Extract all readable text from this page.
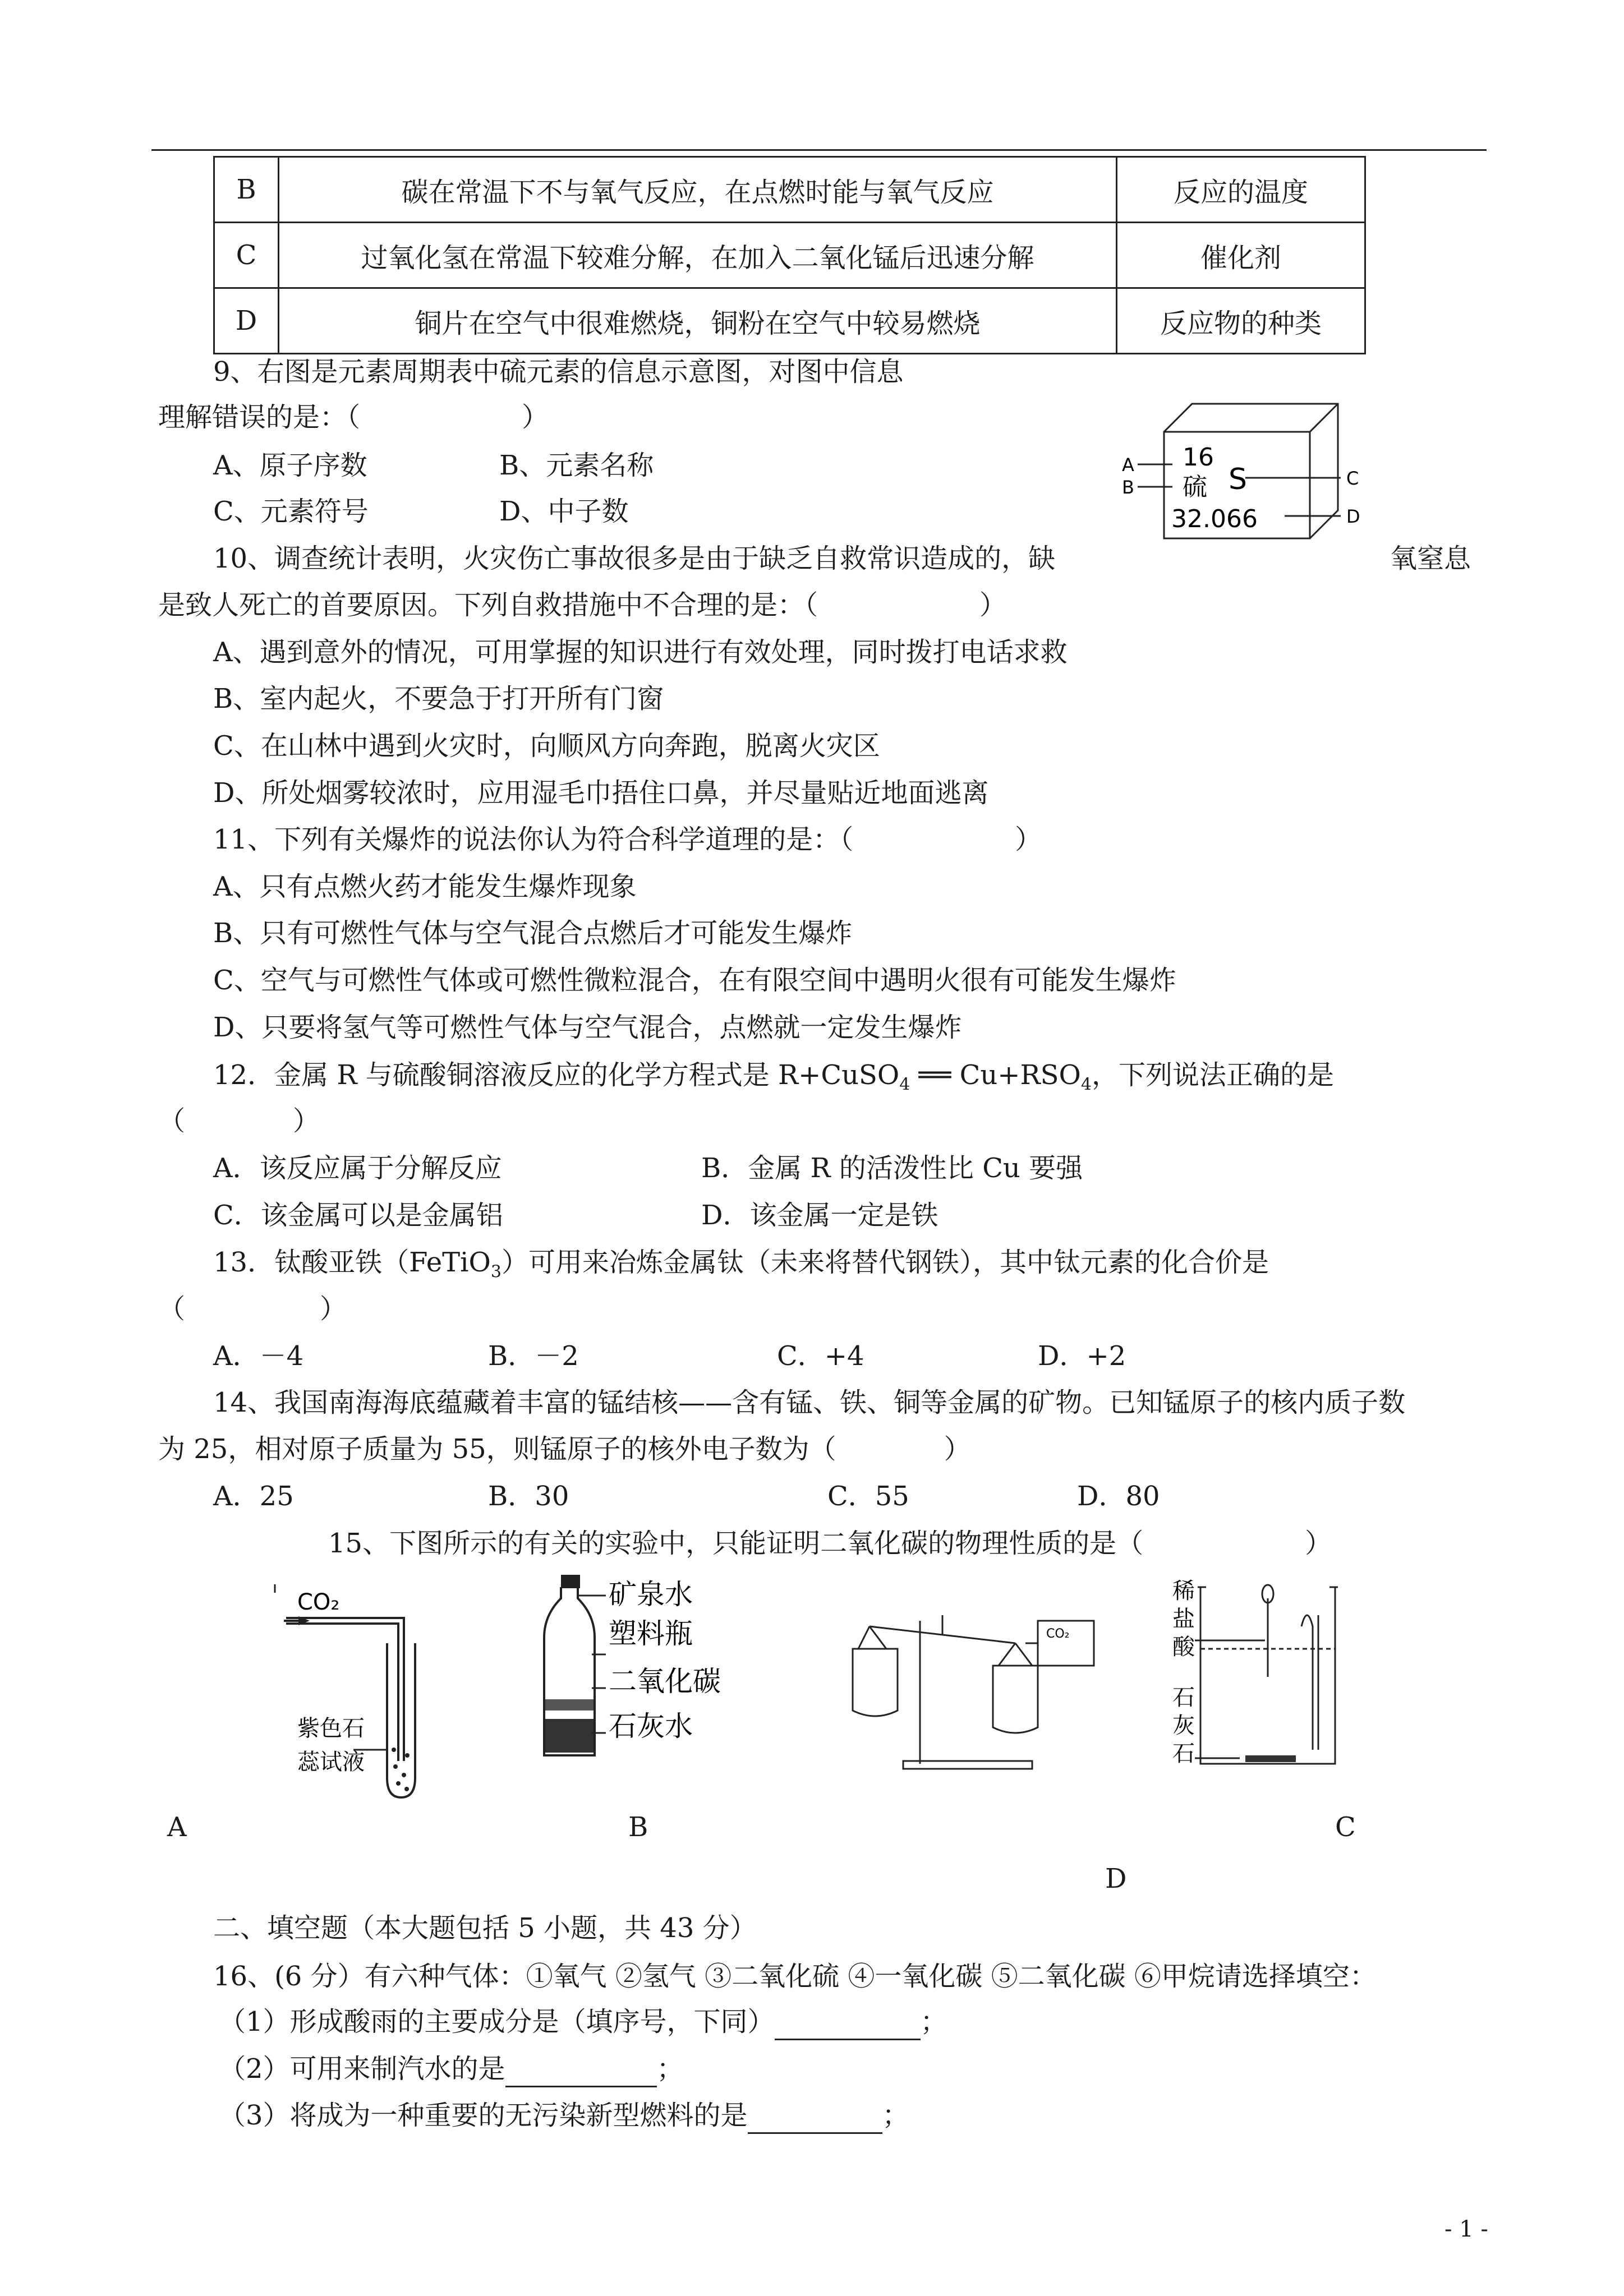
B	碳在常温下不与氧气反应，在点燃时能与氧气反应	反应的温度
C	过氧化氢在常温下较难分解，在加入二氧化锰后迅速分解	催化剂
D	铜片在空气中很难燃烧，铜粉在空气中较易燃烧	反应物的种类
9、右图是元素周期表中硫元素的信息示意图，对图中信息
理解错误的是：（　　　　　　）
A、原子序数	B、元素名称
C、元素符号	D、中子数
A
B	C
D
16
硫 S
32.066
10、调查统计表明，火灾伤亡事故很多是由于缺乏自救常识造成的，缺	氧窒息
是致人死亡的首要原因。下列自救措施中不合理的是：（　　　　　　）
A、遇到意外的情况，可用掌握的知识进行有效处理，同时拨打电话求救
B、室内起火，不要急于打开所有门窗
C、在山林中遇到火灾时，向顺风方向奔跑，脱离火灾区
D、所处烟雾较浓时，应用湿毛巾捂住口鼻，并尽量贴近地面逃离
11、下列有关爆炸的说法你认为符合科学道理的是：（　　　　　　）
A、只有点燃火药才能发生爆炸现象
B、只有可燃性气体与空气混合点燃后才可能发生爆炸
C、空气与可燃性气体或可燃性微粒混合，在有限空间中遇明火很有可能发生爆炸
D、只要将氢气等可燃性气体与空气混合，点燃就一定发生爆炸
12．金属 R 与硫酸铜溶液反应的化学方程式是 R+CuSO$_4$ ══ $Cu+RSO_4$，下列说法正确的是
（　　　　）
A．该反应属于分解反应	B．金属 R 的活泼性比 Cu 要强
C．该金属可以是金属铝	D．该金属一定是铁
13．钛酸亚铁（FeTiO$_3$）可用来冶炼金属钛（未来将替代钢铁），其中钛元素的化合价是
（　　　　　）
A．－4	B．－2	C．+4	D．+2
14、我国南海海底蕴藏着丰富的锰结核——含有锰、铁、铜等金属的矿物。已知锰原子的核内质子数
为 25，相对原子质量为 55，则锰原子的核外电子数为（　　　　）
A．25	B．30	C．55	D．80
15、下图所示的有关的实验中，只能证明二氧化碳的物理性质的是（　　　　　　）
CO₂
紫色石
蕊试液
矿泉水
塑料瓶
二氧化碳
石灰水
CO₂
稀
盐
酸
石
灰
石
A	B	C
D
二、填空题（本大题包括 5 小题，共 43 分）
16、(6 分）有六种气体：①氧气 ②氢气 ③二氧化硫 ④一氧化碳 ⑤二氧化碳 ⑥甲烷请选择填空：
（1）形成酸雨的主要成分是（填序号，下同）	；
（2）可用来制汽水的是	；
（3）将成为一种重要的无污染新型燃料的是	；
- 1 -
